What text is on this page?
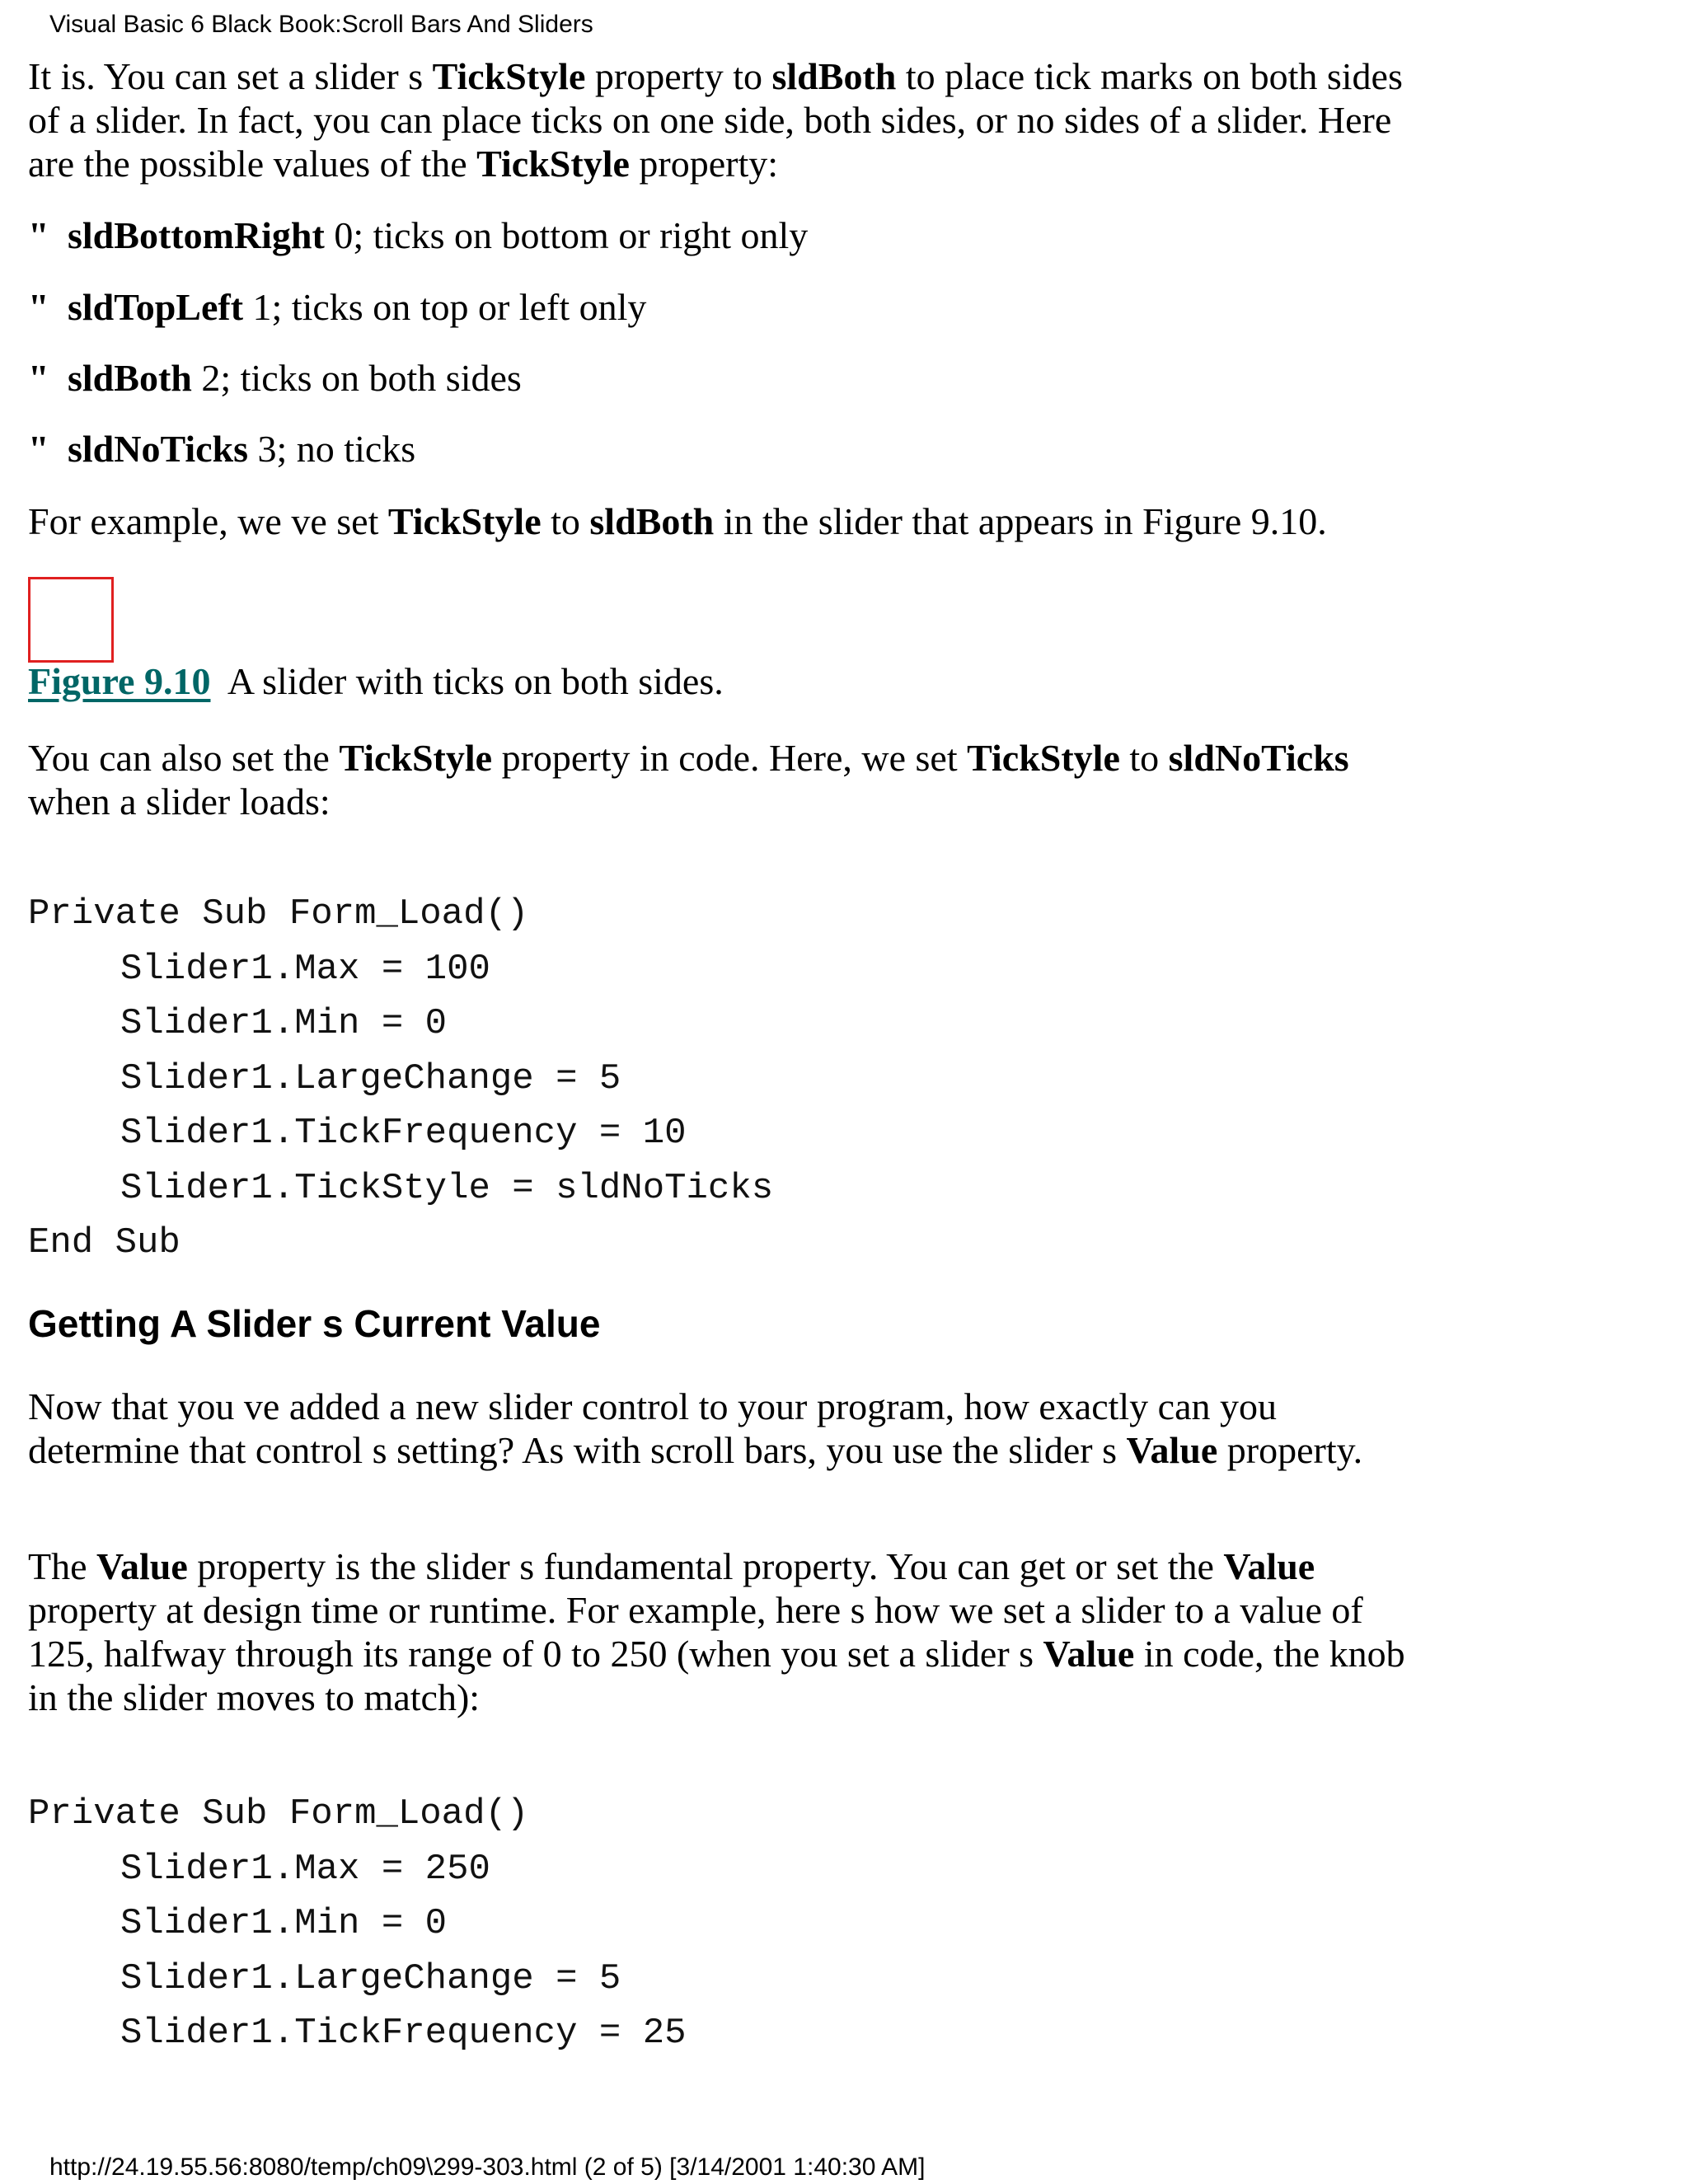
Visual Basic 6 Black Book:Scroll Bars And Sliders

It is. You can set a slider s TickStyle property to sldBoth to place tick marks on both sides of a slider. In fact, you can place ticks on one side, both sides, or no sides of a slider. Here are the possible values of the TickStyle property:

" sldBottomRight 0; ticks on bottom or right only
" sldTopLeft 1; ticks on top or left only
" sldBoth 2; ticks on both sides
" sldNoTicks 3; no ticks

For example, we ve set TickStyle to sldBoth in the slider that appears in Figure 9.10.

Figure 9.10  A slider with ticks on both sides.

You can also set the TickStyle property in code. Here, we set TickStyle to sldNoTicks when a slider loads:

Private Sub Form_Load()
Slider1.Max = 100
Slider1.Min = 0
Slider1.LargeChange = 5
Slider1.TickFrequency = 10
Slider1.TickStyle = sldNoTicks
End Sub
Getting A Slider s Current Value

Now that you ve added a new slider control to your program, how exactly can you determine that control s setting? As with scroll bars, you use the slider s Value property.

The Value property is the slider s fundamental property. You can get or set the Value property at design time or runtime. For example, here s how we set a slider to a value of 125, halfway through its range of 0 to 250 (when you set a slider s Value in code, the knob in the slider moves to match):

Private Sub Form_Load()
Slider1.Max = 250
Slider1.Min = 0
Slider1.LargeChange = 5
Slider1.TickFrequency = 25
http://24.19.55.56:8080/temp/ch09\299-303.html (2 of 5) [3/14/2001 1:40:30 AM]
